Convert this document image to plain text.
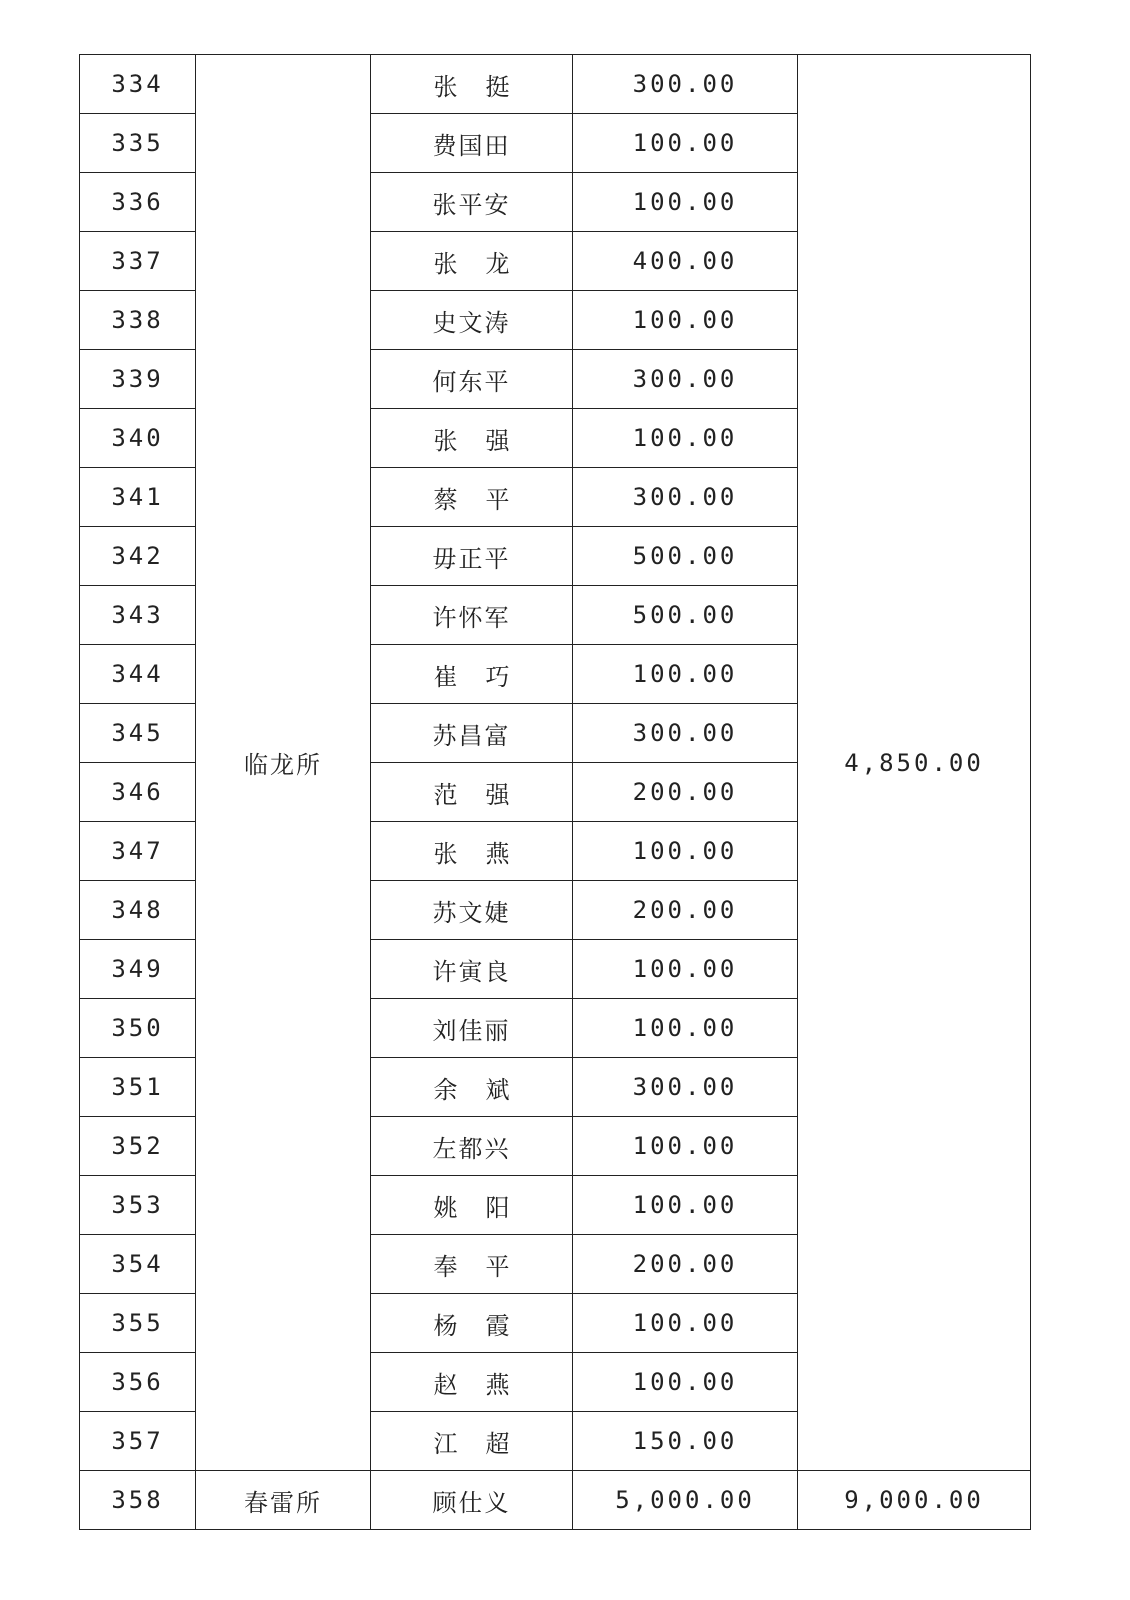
334	临龙所	张挺	300.00	4,850.00
335		费国田	100.00	
336		张平安	100.00	
337		张龙	400.00	
338		史文涛	100.00	
339		何东平	300.00	
340		张强	100.00	
341		蔡平	300.00	
342		毋正平	500.00	
343		许怀军	500.00	
344		崔巧	100.00	
345		苏昌富	300.00	
346		范强	200.00	
347		张燕	100.00	
348		苏文婕	200.00	
349		许寅良	100.00	
350		刘佳丽	100.00	
351		余斌	300.00	
352		左都兴	100.00	
353		姚阳	100.00	
354		奉平	200.00	
355		杨霞	100.00	
356		赵燕	100.00	
357		江超	150.00	
358	春雷所	顾仕义	5,000.00	9,000.00
